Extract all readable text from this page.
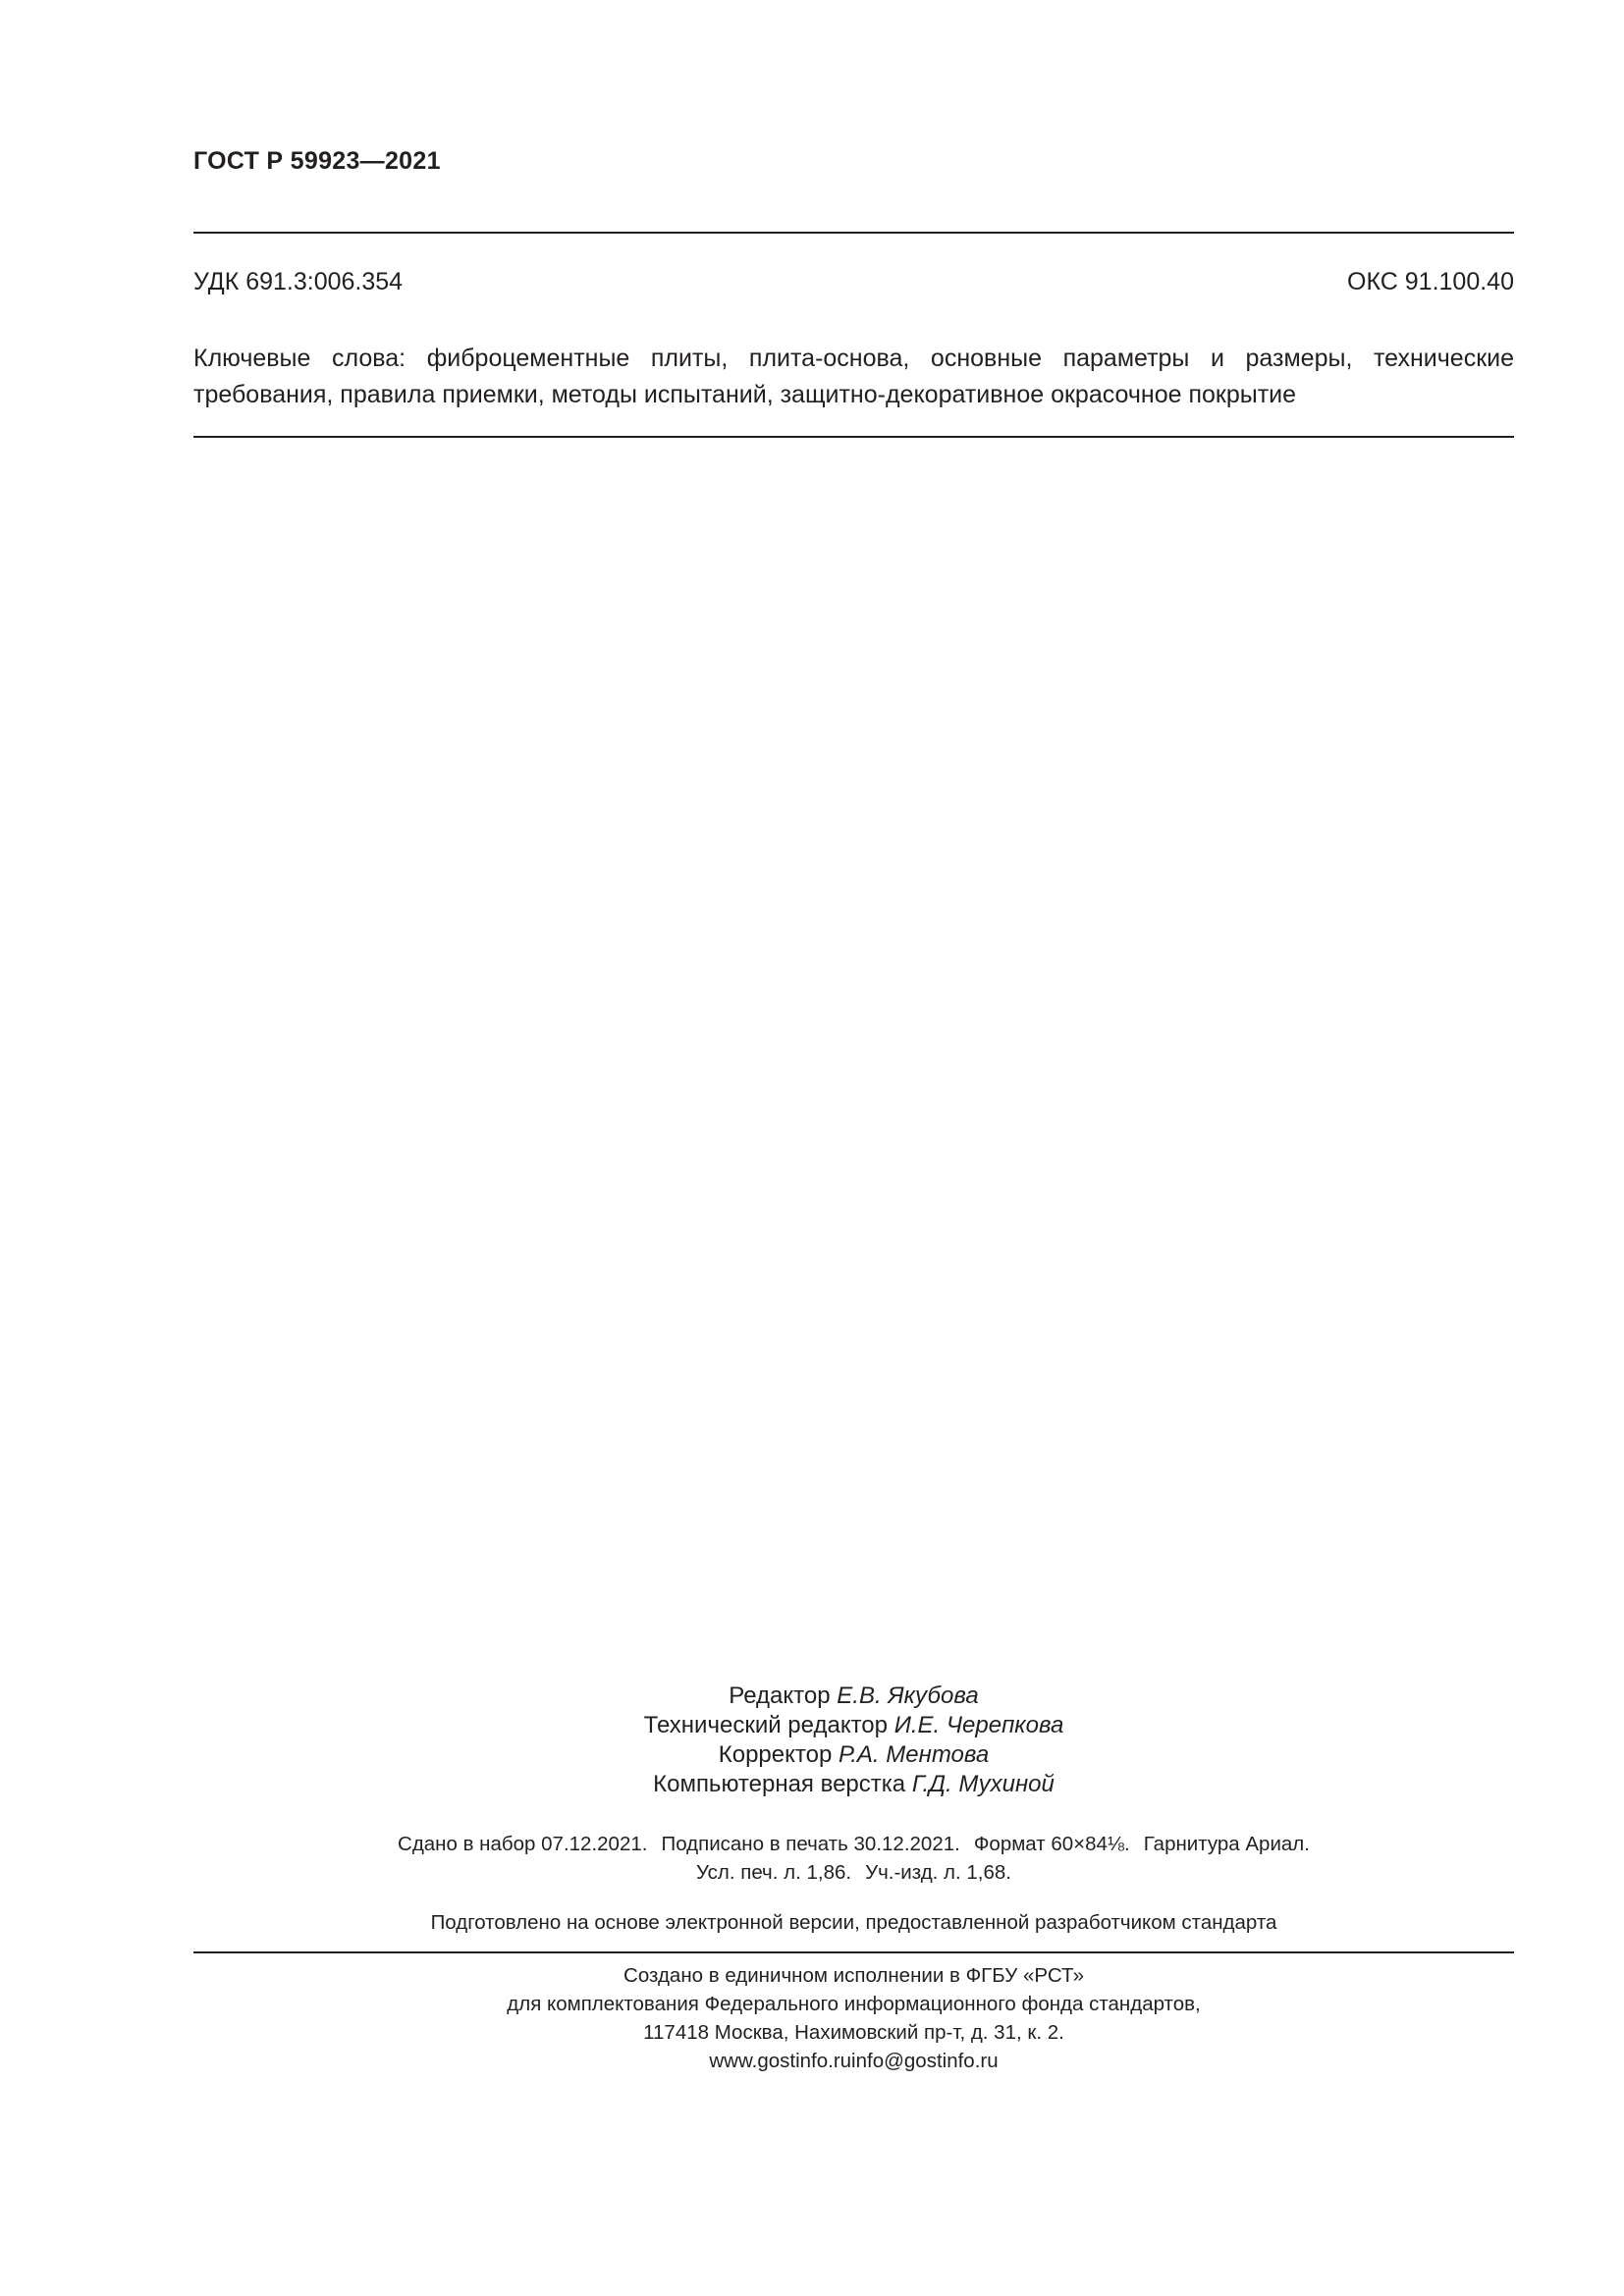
ГОСТ Р 59923—2021
УДК 691.3:006.354	ОКС 91.100.40
Ключевые слова: фиброцементные плиты, плита-основа, основные параметры и размеры, технические требования, правила приемки, методы испытаний, защитно-декоративное окрасочное покрытие
Редактор Е.В. Якубова
Технический редактор И.Е. Черепкова
Корректор Р.А. Ментова
Компьютерная верстка Г.Д. Мухиной
Сдано в набор 07.12.2021. Подписано в печать 30.12.2021. Формат 60×84⅛. Гарнитура Ариал.
Усл. печ. л. 1,86. Уч.-изд. л. 1,68.
Подготовлено на основе электронной версии, предоставленной разработчиком стандарта
Создано в единичном исполнении в ФГБУ «РСТ»
для комплектования Федерального информационного фонда стандартов,
117418 Москва, Нахимовский пр-т, д. 31, к. 2.
www.gostinfo.ruinfo@gostinfo.ru
